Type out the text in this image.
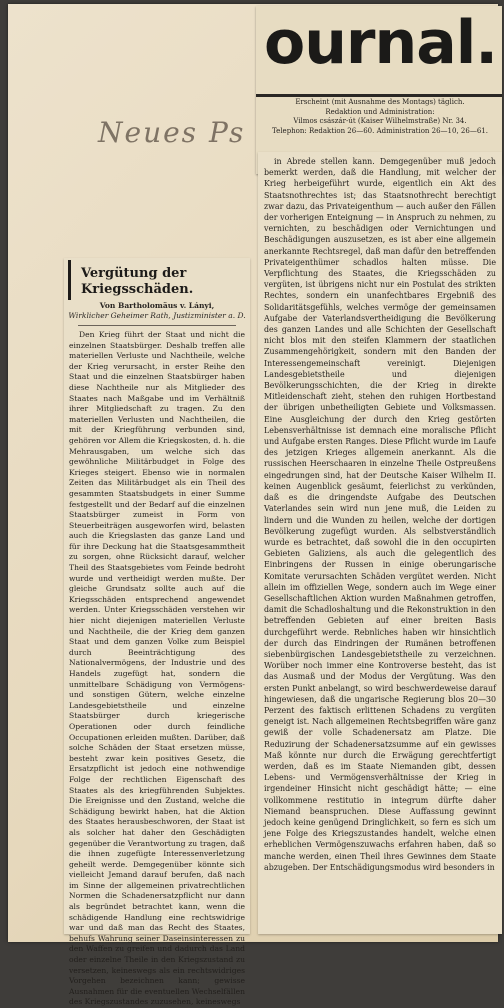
ournal.
Erscheint (mit Ausnahme des Montags) täglich.
Redaktion und Administration:
Vilmos császár-út (Kaiser Wilhelmstraße) Nr. 34.
Telephon: Redaktion 26—60. Administration 26—10, 26—61.
Neues Ps
Vergütung der Kriegsschäden.
Von Bartholomäus v. Lányi,
Wirklicher Geheimer Rath, Justizminister a. D.

Den Krieg führt der Staat und nicht die einzelnen Staatsbürger. Deshalb treffen alle materiellen Verluste und Nachtheile, welche der Krieg verursacht, in erster Reihe den Staat und die einzelnen Staatsbürger haben diese Nachtheile nur als Mitglieder des Staates nach Maßgabe und im Verhältniß ihrer Mitgliedschaft zu tragen. Zu den materiellen Verlusten und Nachtheilen, die mit der Kriegführung verbunden sind, gehören vor Allem die Kriegskosten, d. h. die Mehrausgaben, um welche sich das gewöhnliche Militärbudget in Folge des Krieges steigert. Ebenso wie in normalen Zeiten das Militärbudget als ein Theil des gesammten Staatsbudgets in einer Summe festgestellt und der Bedarf auf die einzelnen Staatsbürger zumeist in Form von Steuerbeiträgen ausgeworfen wird, belasten auch die Kriegslasten das ganze Land und für ihre Deckung hat die Staatsgesammtheit zu sorgen, ohne Rücksicht darauf, welcher Theil des Staatsgebietes vom Feinde bedroht wurde und vertheidigt werden mußte. Der gleiche Grundsatz sollte auch auf die Kriegsschäden entsprechend angewendet werden. Unter Kriegsschäden verstehen wir hier nicht diejenigen materiellen Verluste und Nachtheile, die der Krieg dem ganzen Staat und dem ganzen Volke zum Beispiel durch Beeinträchtigung des Nationalvermögens, der Industrie und des Handels zugefügt hat, sondern die unmittelbare Schädigung von Vermögens- und sonstigen Gütern, welche einzelne Landesgebietstheile und einzelne Staatsbürger durch kriegerische Operationen oder durch feindliche Occupationen erleiden mußten. Darüber, daß solche Schäden der Staat ersetzen müsse, besteht zwar kein positives Gesetz, die Ersatzpflicht ist jedoch eine nothwendige Folge der rechtlichen Eigenschaft des Staates als des kriegführenden Subjektes. Die Ereignisse und den Zustand, welche die Schädigung bewirkt haben, hat die Aktion des Staates herausbeschworen, der Staat ist als solcher hat daher den Geschädigten gegenüber die Verantwortung zu tragen, daß die ihnen zugefügte Interessenverletzung geheilt werde. Demgegenüber könnte sich vielleicht Jemand darauf berufen, daß nach im Sinne der allgemeinen privatrechtlichen Normen die Schadenersatzpflicht nur dann als begründet betrachtet kann, wenn die schädigende Handlung eine rechtswidrige war und daß man das Recht des Staates, behufs Wahrung seiner Daseinsinteressen zu den Waffen zu greifen und dadurch das Land oder einzelne Theile in den Kriegszustand zu versetzen, keineswegs als ein rechtswidriges Vorgehen bezeichnen kann; gewisse Ausnahmen für die eventuellen Wechselfällen des Kriegszustandes zuzusehen, keineswegs

in Abrede stellen kann. Demgegenüber muß jedoch bemerkt werden, daß die Handlung, mit welcher der Krieg herbeigeführt wurde, eigentlich ein Akt des Staatsnothrechtes ist; das Staatsnothrecht berechtigt zwar dazu, das Privateigenthum — auch außer den Fällen der vorherigen Enteignung — in Anspruch zu nehmen, zu vernichten, zu beschädigen oder Vernichtungen und Beschädigungen auszusetzen, es ist aber eine allgemein anerkannte Rechtsregel, daß man dafür den betreffenden Privateigenthümer schadlos halten müsse. Die Verpflichtung des Staates, die Kriegsschäden zu vergüten, ist übrigens nicht nur ein Postulat des strikten Rechtes, sondern ein unanfechtbares Ergebniß des Solidaritätsgefühls, welches vermöge der gemeinsamen Aufgabe der Vaterlandsvertheidigung die Bevölkerung des ganzen Landes und alle Schichten der Gesellschaft nicht blos mit den steifen Klammern der staatlichen Zusammengehörigkeit, sondern mit den Banden der Interessengemeinschaft vereinigt. Diejenigen Landesgebietstheile und diejenigen Bevölkerungsschichten, die der Krieg in direkte Mitleidenschaft zieht, stehen den ruhigen Hortbestand der übrigen unbetheiligten Gebiete und Volksmassen. Eine Ausgleichung der durch den Krieg gestörten Lebensverhältnisse ist demnach eine moralische Pflicht und Aufgabe ersten Ranges. Diese Pflicht wurde im Laufe des jetzigen Krieges allgemein anerkannt. Als die russischen Heerschaaren in einzelne Theile Ostpreußens eingedrungen sind, hat der Deutsche Kaiser Wilhelm II. keinen Augenblick gesäumt, feierlichst zu verkünden, daß es die dringendste Aufgabe des Deutschen Vaterlandes sein wird nun jene muß, die Leiden zu lindern und die Wunden zu heilen, welche der dortigen Bevölkerung zugefügt wurden. Als selbstverständlich wurde es betrachtet, daß sowohl die in den occupirten Gebieten Galiziens, als auch die gelegentlich des Einbringens der Russen in einige oberungarische Komitate verursachten Schäden vergütet werden. Nicht allein im offiziellen Wege, sondern auch im Wege einer Gesellschaftlichen Aktion wurden Maßnahmen getroffen, damit die Schadloshaltung und die Rekonstruktion in den betreffenden Gebieten auf einer breiten Basis durchgeführt werde. Rebnliches haben wir hinsichtlich der durch das Eindringen der Rumänen betroffenen siebenbürgischen Landesgebietstheile zu verzeichnen. Worüber noch immer eine Kontroverse besteht, das ist das Ausmaß und der Modus der Vergütung. Was den ersten Punkt anbelangt, so wird beschwerdeweise darauf hingewiesen, daß die ungarische Regierung blos 20—30 Perzent des faktisch erlittenen Schadens zu vergüten geneigt ist. Nach allgemeinen Rechtsbegriffen wäre ganz gewiß der volle Schadenersatz am Platze. Die Reduzirung der Schadenersatzsumme auf ein gewisses Maß könnte nur durch die Erwägung gerechtfertigt werden, daß es im Staate Niemanden gibt, dessen Lebens- und Vermögensverhältnisse der Krieg in irgendeiner Hinsicht nicht geschädigt hätte; — eine vollkommene restitutio in integrum dürfte daher Niemand beanspruchen. Diese Auffassung gewinnt jedoch keine genügend Dringlichkeit, so fern es sich um jene Folge des Kriegszustandes handelt, welche einen erheblichen Vermögenszuwachs erfahren haben, daß so manche werden, einen Theil ihres Gewinnes dem Staate abzugeben. Der Entschädigungsmodus wird besonders in
